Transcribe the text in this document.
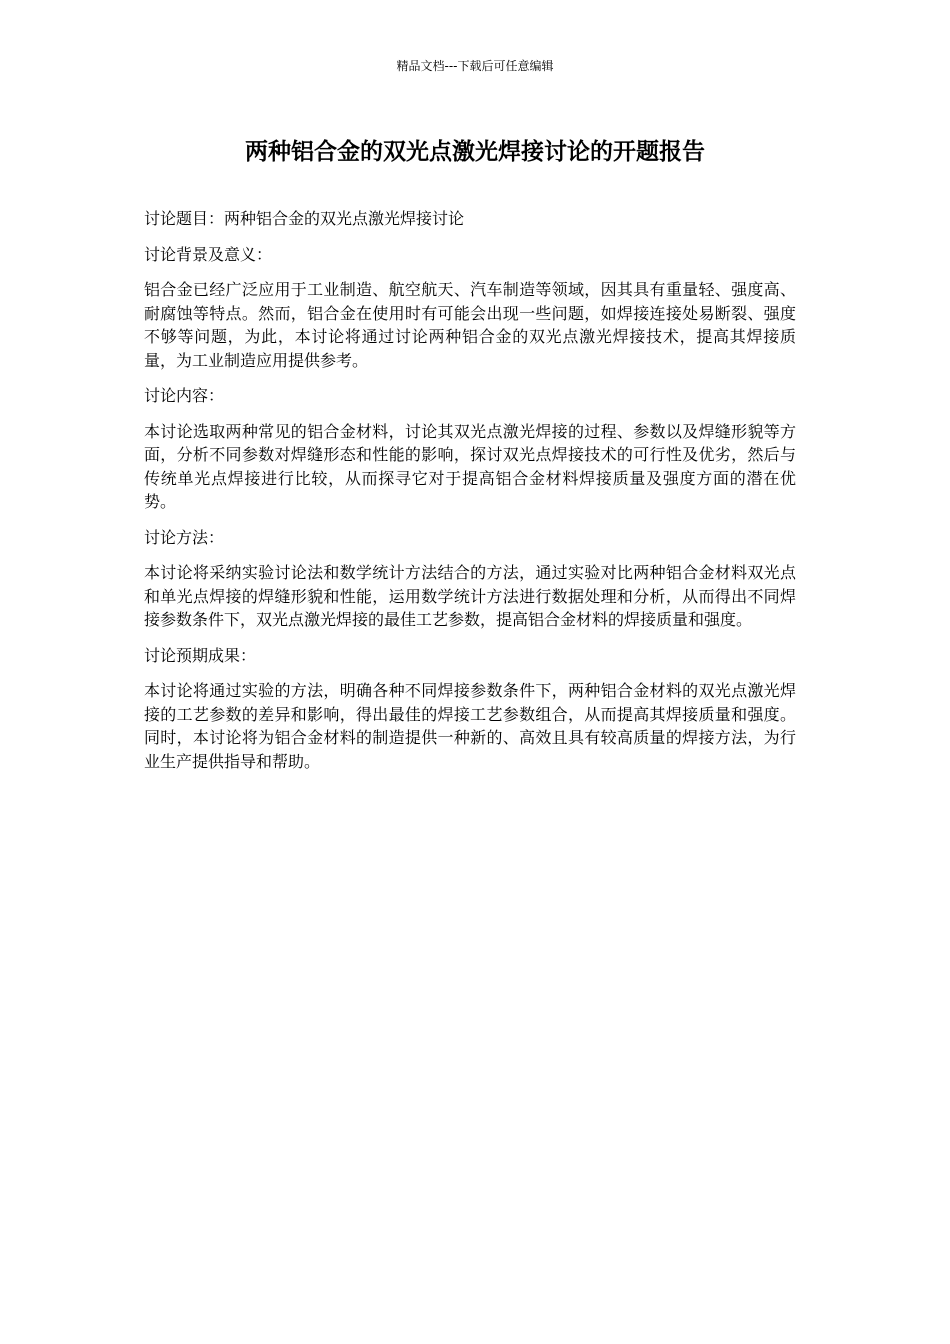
精品文档---下载后可任意编辑
两种铝合金的双光点激光焊接讨论的开题报告

讨论题目：两种铝合金的双光点激光焊接讨论

讨论背景及意义：

铝合金已经广泛应用于工业制造、航空航天、汽车制造等领域，因其具有重量轻、强度高、耐腐蚀等特点。然而，铝合金在使用时有可能会出现一些问题，如焊接连接处易断裂、强度不够等问题，为此，本讨论将通过讨论两种铝合金的双光点激光焊接技术，提高其焊接质量，为工业制造应用提供参考。

讨论内容：

本讨论选取两种常见的铝合金材料，讨论其双光点激光焊接的过程、参数以及焊缝形貌等方面，分析不同参数对焊缝形态和性能的影响，探讨双光点焊接技术的可行性及优劣，然后与传统单光点焊接进行比较，从而探寻它对于提高铝合金材料焊接质量及强度方面的潜在优势。

讨论方法：

本讨论将采纳实验讨论法和数学统计方法结合的方法，通过实验对比两种铝合金材料双光点和单光点焊接的焊缝形貌和性能，运用数学统计方法进行数据处理和分析，从而得出不同焊接参数条件下，双光点激光焊接的最佳工艺参数，提高铝合金材料的焊接质量和强度。

讨论预期成果：

本讨论将通过实验的方法，明确各种不同焊接参数条件下，两种铝合金材料的双光点激光焊接的工艺参数的差异和影响，得出最佳的焊接工艺参数组合，从而提高其焊接质量和强度。同时，本讨论将为铝合金材料的制造提供一种新的、高效且具有较高质量的焊接方法，为行业生产提供指导和帮助。
